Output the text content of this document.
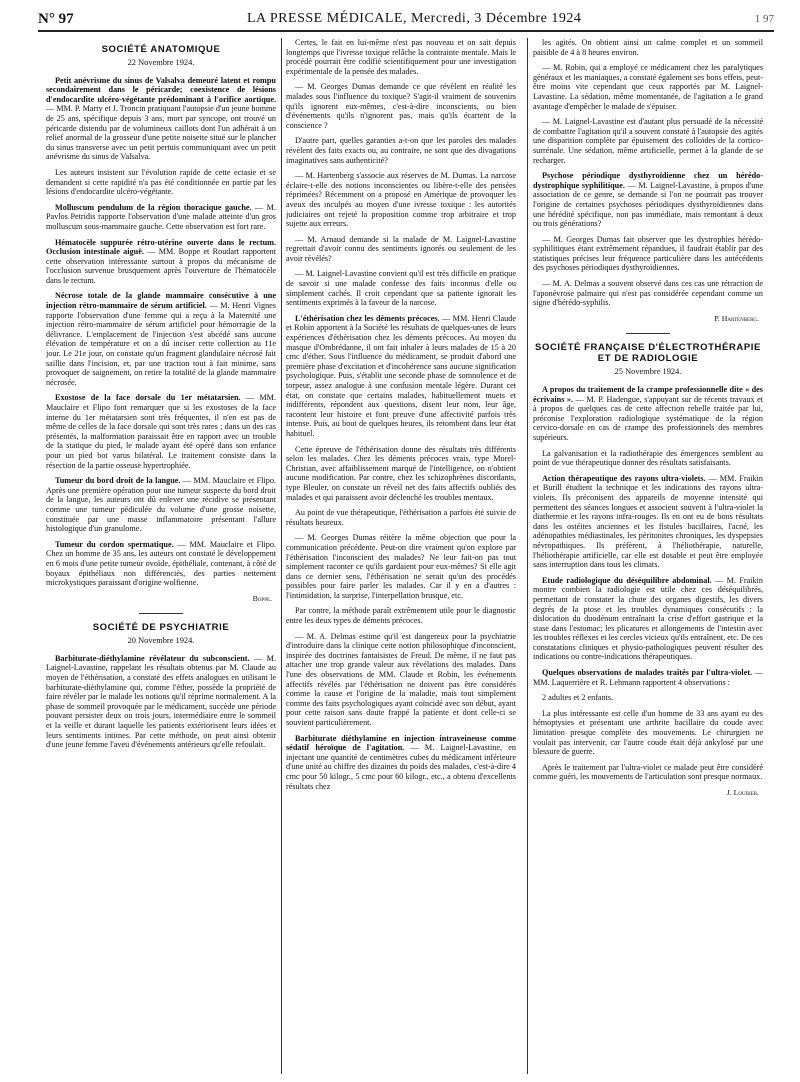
N° 97	LA PRESSE MÉDICALE, Mercredi, 3 Décembre 1924	1 97
SOCIÉTÉ ANATOMIQUE
22 Novembre 1924.

Petit anévrisme du sinus de Valsalva demeuré latent et rompu secondairement dans le péricarde; coexistence de lésions d'endocardite ulcéro-végétante prédominant à l'orifice aortique. — MM. P. Marty et J. Troncin pratiquant l'autopsie d'un jeune homme de 25 ans, spécifique depuis 3 ans, mort par syncope, ont trouvé un péricarde distendu par de volumineux caillots dont l'un adhérait à un relief anormal de la grosseur d'une petite noisette situé sur le plancher du sinus transverse avec un petit pertuis communiquant avec un petit anévrisme du sinus de Valsalva.

Les auteurs insistent sur l'évolution rapide de cette ectasie et se demandent si cette rapidité n'a pas été conditionnée en partie par les lésions d'endocardite ulcéro-végétante.

Molluscum pendulum de la région thoracique gauche. — M. Pavlos Petridis rapporte l'observation d'une malade atteinte d'un gros molluscum sous-mammaire gauche. Cette observation est fort rare.

Hématocèle suppurée rétro-utérine ouverte dans le rectum. Occlusion intestinale aiguë. — MM. Boppe et Roudart rapportent cette observation intéressante surtout à propos du mécanisme de l'occlusion survenue brusquement après l'ouverture de l'hématocèle dans le rectum.

Nécrose totale de la glande mammaire consécutive à une injection rétro-mammaire de sérum artificiel. — M. Henri Vignes rapporte l'observation d'une femme qui a reçu à la Maternité une injection rétro-mammaire de sérum artificiel pour hémorragie de la délivrance. L'emplacement de l'injection s'est abcédé sans aucune élévation de température et on a dû inciser cette collection au 11e jour. Le 21e jour, on constate qu'un fragment glandulaire nécrosé fait saillie dans l'incision, et, par une traction tout à fait minime, sans provoquer de saignement, on retire la totalité de la glande mammaire nécrosée.

Exostose de la face dorsale du 1er métatarsien. — MM. Mauclaire et Flipo font remarquer que si les exostoses de la face interne du 1er métatarsien sont très fréquentes, il n'en est pas de même de celles de la face dorsale qui sont très rares ; dans un des cas présentés, la malformation paraissait être en rapport avec un trouble de la statique du pied, le malade ayant été opéré dans son enfance pour un pied bot varus bilatéral. Le traitement consiste dans la résection de la partie osseuse hypertrophiée.

Tumeur du bord droit de la langue. — MM. Mauclaire et Flipo. Après une première opération pour une tumeur suspecte du bord droit de la langue, les auteurs ont dû enlever une récidive se présentant comme une tumeur pédiculée du volume d'une grosse noisette, constituée par une masse inflammatoire présentant l'allure histologique d'un granulome.

Tumeur du cordon spermatique. — MM. Mauclaire et Flipo. Chez un homme de 35 ans, les auteurs ont constaté le développement en 6 mois d'une petite tumeur ovoïde, épithéliale, contenant, à côté de boyaux épithéliaux non différenciés, des parties nettement microkystiques paraissant d'origine wolfienne.

Boppe.
SOCIÉTÉ DE PSYCHIATRIE
20 Novembre 1924.

Barbiturate-diéthylamine révélateur du subconscient. — M. Laignel-Lavastine, rappelant les résultats obtenus par M. Claude au moyen de l'éthérisation, a constaté des effets analogues en utilisant le barbiturate-diéthylamine qui, comme l'éther, possède la propriété de faire révéler par le malade les notions qu'il réprime normalement. A la phase de sommeil provoquée par le médicament, succède une période pouvant persister deux ou trois jours, intermédiaire entre le sommeil et la veille et durant laquelle les patients extériorisent leurs idées et leurs sentiments intimes. Par cette méthode, on peut ainsi obtenir d'une jeune femme l'aveu d'événements antérieurs qu'elle refoulait.

Certes, le fait en lui-même n'est pas nouveau et on sait depuis longtemps que l'ivresse toxique relâche la contrainte mentale. Mais le procédé pourrait être codifié scientifiquement pour une investigation expérimentale de la pensée des malades.

— M. Georges Dumas demande ce que révèlent en réalité les malades sous l'influence du toxique? S'agit-il vraiment de souvenirs qu'ils ignorent eux-mêmes, c'est-à-dire inconscients, ou bien d'événements qu'ils n'ignorent pas, mais qu'ils écartent de la conscience ?

D'autre part, quelles garanties a-t-on que les paroles des malades révèlent des faits exacts ou, au contraire, ne sont que des divagations imaginatives sans authenticité?

— M. Hartenberg s'associe aux réserves de M. Dumas. La narcose éclaire-t-elle des notions inconscientes ou libère-t-elle des pensées réprimées? Récemment on a proposé en Amérique de provoquer les aveux des inculpés au moyen d'une ivresse toxique : les autorités judiciaires ont rejeté la proposition comme trop arbitraire et trop sujette aux erreurs.

— M. Arnaud demande si la malade de M. Laignel-Lavastine regrettait d'avoir connu des sentiments ignorés ou seulement de les avoir révélés?

— M. Laignel-Lavastine convient qu'il est très difficile en pratique de savoir si une malade confesse des faits inconnus d'elle ou simplement cachés. Il croit cependant que sa patiente ignorait les sentiments exprimés à la faveur de la narcose.

L'éthérisation chez les déments précoces. — MM. Henri Claude et Robin apportent à la Société les résultats de quelques-unes de leurs expériences d'éthérisation chez les déments précoces. Au moyen du masque d'Ombrédanne, il ont fait inhaler à leurs malades de 15 à 20 cmc d'éther. Sous l'influence du médicament, se produit d'abord une première phase d'excitation et d'incohérence sans aucune signification psychologique. Puis, s'établit une seconde phase de somnolence et de torpeur, assez analogue à une confusion mentale légère. Durant cet état, on constate que certains malades, habituellement muets et indifférents, répondent aux questions, disent leur nom, leur âge, racontent leur histoire et font preuve d'une affectivité parfois très intense. Puis, au bout de quelques heures, ils retombent dans leur état habituel.

Cette épreuve de l'éthérisation donne des résultats très différents selon les malades. Chez les déments précoces vrais, type Morel-Christian, avec affaiblissement marqué de l'intelligence, on n'obtient aucune modification. Par contre, chez les schizophrènes discordants, type Bleuler, on constate un réveil net des faits affectifs oubliés des malades et qui paraissent avoir déclenché les troubles mentaux.

Au point de vue thérapeutique, l'éthérisation a parfois été suivie de résultats heureux.

— M. Georges Dumas réitère la même objection que pour la communication précédente. Peut-on dire vraiment qu'on explore par l'éthérisation l'inconscient des malades? Ne leur fait-on pas tout simplement raconter ce qu'ils gardaient pour eux-mêmes? Si elle agit dans ce dernier sens, l'éthérisation ne serait qu'un des procédés possibles pour faire parler les malades. Car il y en a d'autres : l'intimidation, la surprise, l'interpellation brusque, etc.

Par contre, la méthode paraît extrêmement utile pour le diagnostic entre les deux types de déments précoces.

— M. A. Delmas estime qu'il est dangereux pour la psychiatrie d'introduire dans la clinique cette notion philosophique d'inconscient, inspirée des doctrines fantaisistes de Freud. De même, il ne faut pas attacher une trop grande valeur aux révélations des malades. Dans l'une des observations de MM. Claude et Robin, les événements affectifs révélés par l'éthérisation ne doivent pas être considérés comme la cause et l'origine de la maladie, mais tout simplement comme des faits psychologiques ayant coïncidé avec son début, ayant pour cette raison sans doute frappé la patiente et dont celle-ci se souvient particulièrement.

Barbiturate diéthylamine en injection intraveineuse comme sédatif héroïque de l'agitation. — M. Laignel-Lavastine, en injectant une quantité de centimètres cubes du médicament inférieure d'une unité au chiffre des dizaines du poids des malades, c'est-à-dire 4 cmc pour 50 kilogr., 5 cmc pour 60 kilogr., etc., a obtenu d'excellents résultats chez

les agités. On obtient ainsi un calme complet et un sommeil paisible de 4 à 8 heures environ.

— M. Robin, qui a employé ce médicament chez les paralytiques généraux et les maniaques, a constaté également ses bons effets, peut-être moins vite cependant que ceux rapportés par M. Laignel-Lavastine. La sédation, même momentanée, de l'agitation a le grand avantage d'empêcher le malade de s'épuiser.

— M. Laignel-Lavastine est d'autant plus persuadé de la nécessité de combattre l'agitation qu'il a souvent constaté à l'autopsie des agités une disparition complète par épuisement des colloïdes de la cortico-surrénale. Une sédation, même artificielle, permet à la glande de se recharger.

Psychose périodique dysthyroïdienne chez un hérédo-dystrophique syphilitique. — M. Laignel-Lavastine, à propos d'une association de ce genre, se demande si l'on ne pourrait pas trouver l'origine de certaines psychoses périodiques dysthyroïdiennes dans une hérédité spécifique, non pas immédiate, mais remontant à deux ou trois générations?

— M. Georges Dumas fait observer que les dystrophies hérédo-syphilitiques étant extrêmement répandues, il faudrait établir par des statistiques précises leur fréquence particulière dans les antécédents des psychoses périodiques dysthyroïdiennes.

— M. A. Delmas a souvent observé dans ces cas une rétraction de l'aponévrose palmaire qui n'est pas considérée cependant comme un signe d'hérédo-syphilis.

P. Hartenberg.
SOCIÉTÉ FRANÇAISE D'ÉLECTROTHÉRAPIE ET DE RADIOLOGIE
25 Novembre 1924.

A propos du traitement de la crampe professionnelle dite « des écrivains ». — M. P. Hadengue, s'appuyant sur de récents travaux et à propos de quelques cas de cette affection rebelle traitée par lui, préconise l'exploration radiologique systématique de la région cervico-dorsale en cas de crampe des professionnels des membres supérieurs.

La galvanisation et la radiothérapie des émergences semblent au point de vue thérapeutique donner des résultats satisfaisants.

Action thérapeutique des rayons ultra-violets. — MM. Fraikin et Burill étudient la technique et les indications des rayons ultra-violets. Ils préconisent des appareils de moyenne intensité qui permettent des séances longues et associent souvent à l'ultra-violet la diathermie et les rayons infra-rouges. Ils en ont eu de bons résultats dans les ostéites anciennes et les fistules bacillaires, l'acné, les adénopathies médiastinales, les péritonites chroniques, les dyspepsies névropathiques. Ils préfèrent, à l'héliothérapie, naturelle, l'héliothérapie artificielle, car elle est dosable et peut être employée sans interruption dans tous les climats.

Etude radiologique du déséquilibre abdominal. — M. Fraikin montre combien la radiologie est utile chez ces déséquilibrés, permettant de constater la chute des organes digestifs, les divers degrés de la ptose et les troubles dynamiques consécutifs : la dislocation du duodénum entraînant la crise d'effort gastrique et la stase dans l'estomac; les plicatures et allongements de l'intestin avec les troubles réflexes et les cercles vicieux qu'ils entraînent, etc. De ces constatations cliniques et physio-pathologiques peuvent résulter des indications ou contre-indications thérapeutiques.

Quelques observations de malades traités par l'ultra-violet. — MM. Laquerrière et R. Lehmann rapportent 4 observations :

2 adultes et 2 enfants.

La plus intéressante est celle d'un homme de 33 ans ayant eu des hémoptysies et présentant une arthrite bacillaire du coude avec limitation presque complète des mouvements. Le chirurgien ne voulait pas intervenir, car l'autre coude était déjà ankylosé par une blessure de guerre.

Après le traitement par l'ultra-violet ce malade peut être considéré comme guéri, les mouvements de l'articulation sont presque normaux.

J. Loubier.
